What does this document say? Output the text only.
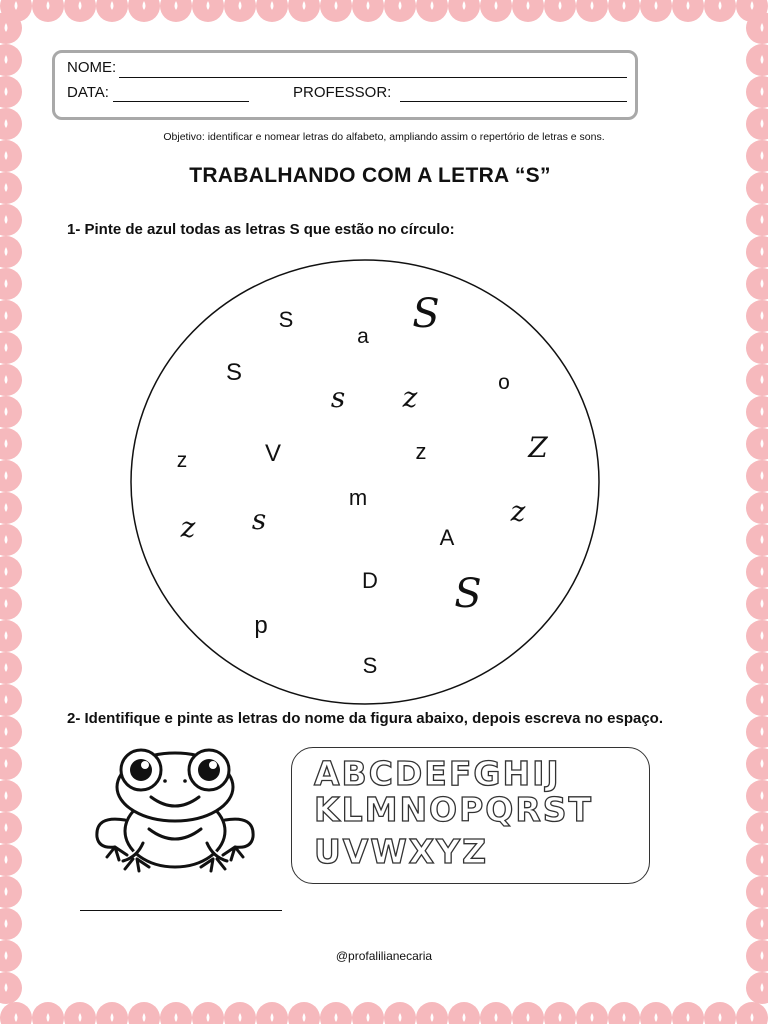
NOME:
DATA:	PROFESSOR:
Objetivo: identificar e nomear letras do alfabeto, ampliando assim o repertório de letras e sons.
TRABALHANDO COM A LETRA “S”
1- Pinte de azul todas as letras S que estão no círculo:
S
a S
S
s z	o
z	V	z	Z
m
z s
A
z
D S
p
S
2- Identifique e pinte as letras do nome da figura abaixo, depois escreva no espaço.
ABCDEFGHIJ
KLMNOPQRST
UVWXYZ
@profalilianecaria
